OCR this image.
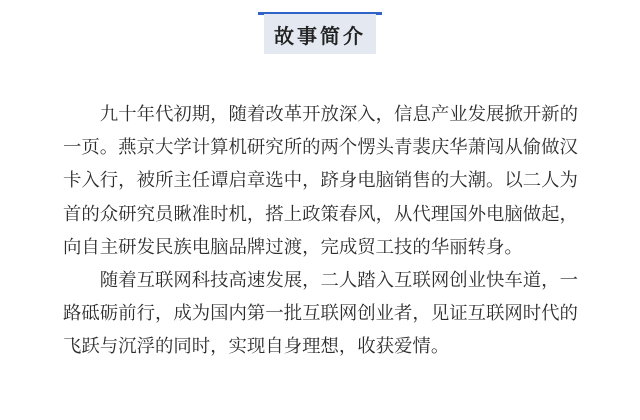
故事简介

九十年代初期，随着改革开放深入，信息产业发展掀开新的一页。燕京大学计算机研究所的两个愣头青裴庆华萧闯从偷做汉卡入行，被所主任谭启章选中，跻身电脑销售的大潮。以二人为首的众研究员瞅准时机，搭上政策春风，从代理国外电脑做起，向自主研发民族电脑品牌过渡，完成贸工技的华丽转身。

随着互联网科技高速发展，二人踏入互联网创业快车道，一路砥砺前行，成为国内第一批互联网创业者，见证互联网时代的飞跃与沉浮的同时，实现自身理想，收获爱情。
